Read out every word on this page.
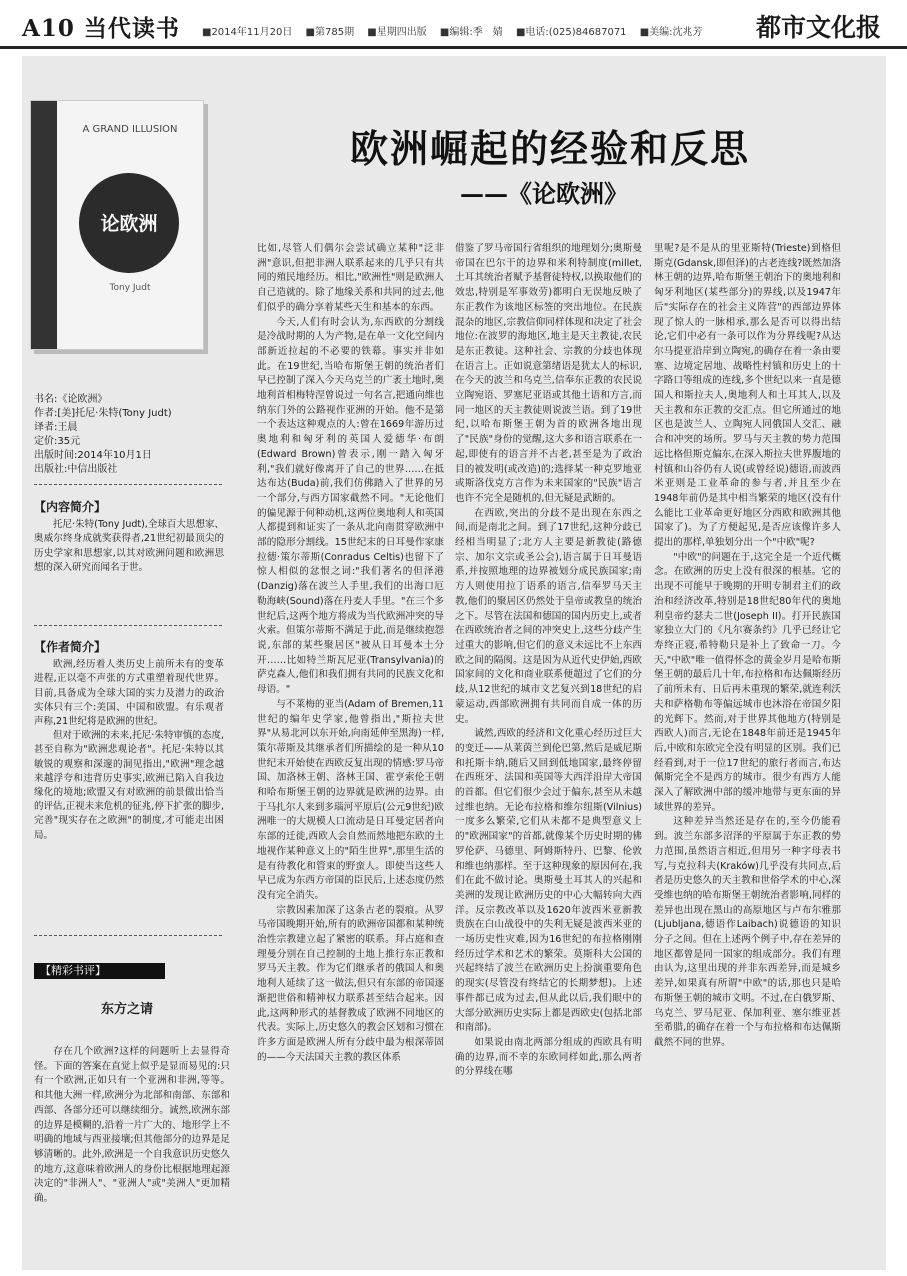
A10 当代读书 ■2014年11月20日 ■第785期 ■星期四出版 ■编辑:季　婧 ■电话:(025)84687071 ■美编:沈兆芳	都市文化报
A GRAND ILLUSION
论欧洲
Tony Judt
欧洲崛起的经验和反思
——《论欧洲》
书名:《论欧洲》
作者:[美]托尼·朱特(Tony Judt)
译者:王晨
定价:35元
出版时间:2014年10月1日
出版社:中信出版社
【内容简介】

托尼·朱特(Tony Judt),全球百大思想家、奥威尔终身成就奖获得者,21世纪初最顶尖的历史学家和思想家,以其对欧洲问题和欧洲思想的深入研究而闻名于世。

【作者简介】

欧洲,经历着人类历史上前所未有的变革进程,正以毫不声张的方式重塑着现代世界。目前,具备成为全球大国的实力及潜力的政治实体只有三个:美国、中国和欧盟。有乐观者声称,21世纪将是欧洲的世纪。

但对于欧洲的未来,托尼·朱特审慎的态度,甚至自称为"欧洲悲观论者"。托尼·朱特以其敏锐的观察和深邃的洞见指出,"欧洲"理念越来越浮夸和违背历史事实,欧洲已陷入自我边缘化的境地;欧盟又有对欧洲的前景做出恰当的评估,正视未来危机的征兆,停下扩张的脚步,完善"现实存在之欧洲"的制度,才可能走出困局。

【精彩书评】
东方之请

存在几个欧洲?这样的问题听上去显得奇怪。下面的答案在直觉上似乎是显而易见的:只有一个欧洲,正如只有一个亚洲和非洲,等等。和其他大洲一样,欧洲分为北部和南部、东部和西部、各部分还可以继续细分。诚然,欧洲东部的边界是模糊的,沿着一片广大的、地形学上不明确的地域与西亚接壤;但其他部分的边界是足够清晰的。此外,欧洲是一个自我意识历史悠久的地方,这意味着欧洲人的身份比根据地理起源决定的"非洲人"、"亚洲人"或"美洲人"更加精确。

比如,尽管人们偶尔会尝试确立某种"泛非洲"意识,但把非洲人联系起来的几乎只有共同的殖民地经历。相比,"欧洲性"则是欧洲人自己造就的。除了地缘关系和共同的过去,他们似乎的确分享着某些天生和基本的东西。

今天,人们有时会认为,东西欧的分割线是冷战时期的人为产物,是在单一文化空间内部新近拉起的不必要的铁幕。事实并非如此。在19世纪,当哈布斯堡王朝的统治者们早已控制了深入今天乌克兰的广袤土地时,奥地利首相梅特涅曾说过一句名言,把通向维也纳东门外的公路视作亚洲的开始。他不是第一个表达这种观点的人:曾在1669年游历过奥地利和匈牙利的英国人爱德华·布朗(Edward Brown)曾表示,刚一踏入匈牙利,"我们就好像离开了自己的世界……在抵达布达(Buda)前,我们仿佛踏入了世界的另一个部分,与西方国家截然不同。"无论他们的偏见源于何种动机,这两位奥地利人和英国人都提到和证实了一条从北向南贯穿欧洲中部的隐形分割线。15世纪末的日耳曼作家康拉德·策尔蒂斯(Conradus Celtis)也留下了惊人相似的忿恨之词:"我们著名的但泽港(Danzig)落在波兰人手里,我们的出海口厄勒海峡(Sound)落在丹麦人手里。"在三个多世纪后,这两个地方将成为当代欧洲冲突的导火索。但策尔蒂斯不满足于此,而是继续抱怨说,东部的某些聚居区"被从日耳曼本土分开……比如特兰斯瓦尼亚(Transylvania)的萨克森人,他们和我们拥有共同的民族文化和母语。"

与不莱梅的亚当(Adam of Bremen,11世纪的编年史学家,他曾指出,"斯拉夫世界"从易北河以东开始,向南延伸至黑海)一样,策尔蒂斯及其继承者们所描绘的是一种从10世纪末开始使在西欧反复出现的情感:罗马帝国、加洛林王朝、洛林王国、霍亨索伦王朝和哈布斯堡王朝的边界就是欧洲的边界。由于马扎尔人来到多瑙河平原后(公元9世纪)欧洲唯一的大规模人口流动是日耳曼定居者向东部的迁徙,西欧人会自然而然地把东欧的土地视作某种意义上的"陌生世界",那里生活的是有待教化和管束的野蛮人。即使当这些人早已成为东西方帝国的臣民后,上述态度仍然没有完全消失。

宗教因素加深了这条古老的裂痕。从罗马帝国晚期开始,所有的欧洲帝国都和某种统治性宗教建立起了紧密的联系。拜占庭和查理曼分别在自己控制的土地上推行东正教和罗马天主教。作为它们继承者的俄国人和奥地利人延续了这一做法,但只有东部的帝国逐渐把世俗和精神权力联系甚至结合起来。因此,这两种形式的基督教成了欧洲不同地区的代表。实际上,历史悠久的教会区划和习惯在许多方面是欧洲人所有分歧中最为根深蒂固的——今天法国天主教的教区体系

借鉴了罗马帝国行省组织的地理划分;奥斯曼帝国在巴尔干的边界和米利特制度(millet,土耳其统治者赋予基督徒特权,以换取他们的效忠,特别是军事效劳)都明白无误地反映了东正教作为该地区标签的突出地位。在民族混杂的地区,宗教信仰同样体现和决定了社会地位:在波罗的海地区,地主是天主教徒,农民是东正教徒。这种社会、宗教的分歧也体现在语言上。正如说意第绪语是犹太人的标识,在今天的波兰和乌克兰,信奉东正教的农民说立陶宛语、罗塞尼亚语或其他土语和方言,而同一地区的天主教徒则说波兰语。到了19世纪,以哈布斯堡王朝为首的欧洲各地出现了"民族"身份的觉醒,这大多和语言联系在一起,即使有的语言并不古老,甚至是为了政治目的被发明(或改造)的;选择某一种克罗地亚或斯洛伐克方言作为未来国家的"民族"语言也许不完全是随机的,但无疑是武断的。

在西欧,突出的分歧不是出现在东西之间,而是南北之间。到了17世纪,这种分歧已经相当明显了;北方人主要是新教徒(路德宗、加尔文宗或圣公会),语言属于日耳曼语系,并按照地理的边界被划分成民族国家;南方人则使用拉丁语系的语言,信奉罗马天主教,他们的聚居区仍然处于皇帝或教皇的统治之下。尽管在法国和德国的国内历史上,或者在西欧统治者之间的冲突史上,这些分歧产生过重大的影响,但它们的意义未远比不上东西欧之间的隔阂。这是因为从近代史伊始,西欧国家间的文化和商业联系便超过了它们的分歧,从12世纪的城市文艺复兴到18世纪的启蒙运动,西部欧洲拥有共同而自成一体的历史。

诚然,西欧的经济和文化重心经历过巨大的变迁——从莱茵兰到伦巴第,然后是威尼斯和托斯卡纳,随后又回到低地国家,最终停留在西班牙、法国和英国等大西洋沿岸大帝国的首都。但它们很少会过于偏东,甚至从未越过维也纳。无论布拉格和维尔纽斯(Vilnius)一度多么繁荣,它们从未都不是典型意义上的"欧洲国家"的首都,就像某个历史时期的佛罗伦萨、马德里、阿姆斯特丹、巴黎、伦敦和维也纳那样。至于这种现象的原因何在,我们在此不做讨论。奥斯曼土耳其人的兴起和美洲的发现让欧洲历史的中心大幅转向大西洋。反宗教改革以及1620年波西米亚新教贵族在白山战役中的失利无疑是波西米亚的一场历史性灾难,因为16世纪的布拉格刚刚经历过学术和艺术的繁荣。莫斯科大公国的兴起终结了波兰在欧洲历史上扮演重要角色的现实(尽管没有终结它的长期梦想)。上述事件都已成为过去,但从此以后,我们眼中的大部分欧洲历史实际上都是西欧史(包括北部和南部)。

如果说由南北两部分组成的西欧具有明确的边界,而不幸的东欧同样如此,那么两者的分界线在哪

里呢?是不是从的里亚斯特(Trieste)到格但斯克(Gdansk,即但泽)的古老连线?既然加洛林王朝的边界,哈布斯堡王朝治下的奥地利和匈牙利地区(某些部分)的界线,以及1947年后"实际存在的社会主义阵营"的西部边界体现了惊人的一脉相承,那么是否可以得出结论,它们中必有一条可以作为分界线呢?从达尔马提亚沿岸到立陶宛,的确存在着一条由要塞、边境定居地、战略性村镇和历史上的十字路口等组成的连线,多个世纪以来一直是德国人和斯拉夫人,奥地利人和土耳其人,以及天主教和东正教的交汇点。但它所通过的地区也是波兰人、立陶宛人同俄国人交汇、融合和冲突的场所。罗马与天主教的势力范围远比格但斯克偏东,在深入斯拉夫世界腹地的村镇和山谷仍有人说(或曾经说)德语,而波西米亚则是工业革命的参与者,并且至少在1948年前仍是其中相当繁荣的地区(没有什么能比工业革命更好地区分西欧和欧洲其他国家了)。为了方便起见,是否应该像许多人提出的那样,单独划分出一个"中欧"呢?

"中欧"的问题在于,这完全是一个近代概念。在欧洲的历史上没有很深的根基。它的出现不可能早于晚期的开明专制君主们的政治和经济改革,特别是18世纪80年代的奥地利皇帝约瑟夫二世(Joseph II)。打开民族国家独立大门的《凡尔赛条约》几乎已经让它寿终正寝,希特勒只是补上了致命一刀。今天,"中欧"唯一值得怀念的黄金岁月是哈布斯堡王朝的最后几十年,布拉格和布达佩斯经历了前所未有、日后再未重现的繁荣,就连利沃夫和萨格勒布等偏远城市也沐浴在帝国夕阳的光辉下。然而,对于世界其他地方(特别是西欧人)而言,无论在1848年前还是1945年后,中欧和东欧完全没有明显的区别。我们已经看到,对于一位17世纪的旅行者而言,布达佩斯完全不是西方的城市。很少有西方人能深入了解欧洲中部的缓冲地带与更东面的异域世界的差异。

这种差异当然还是存在的,至今仍能看到。波兰东部多沼泽的平原属于东正教的势力范围,虽然语言相近,但用另一种字母表书写,与克拉科夫(Kraków)几乎没有共同点,后者是历史悠久的天主教和世俗学术的中心,深受维也纳的哈布斯堡王朝统治者影响,同样的差异也出现在黑山的高原地区与卢布尔雅那(Ljubljana,德语作Laibach)说德语的知识分子之间。但在上述两个例子中,存在差异的地区都曾是同一国家的组成部分。我们有理由认为,这里出现的并非东西差异,而是城乡差异,如果真有所谓"中欧"的话,那也只是哈布斯堡王朝的城市文明。不过,在白俄罗斯、乌克兰、罗马尼亚、保加利亚、塞尔维亚甚至希腊,的确存在着一个与布拉格和布达佩斯截然不同的世界。
